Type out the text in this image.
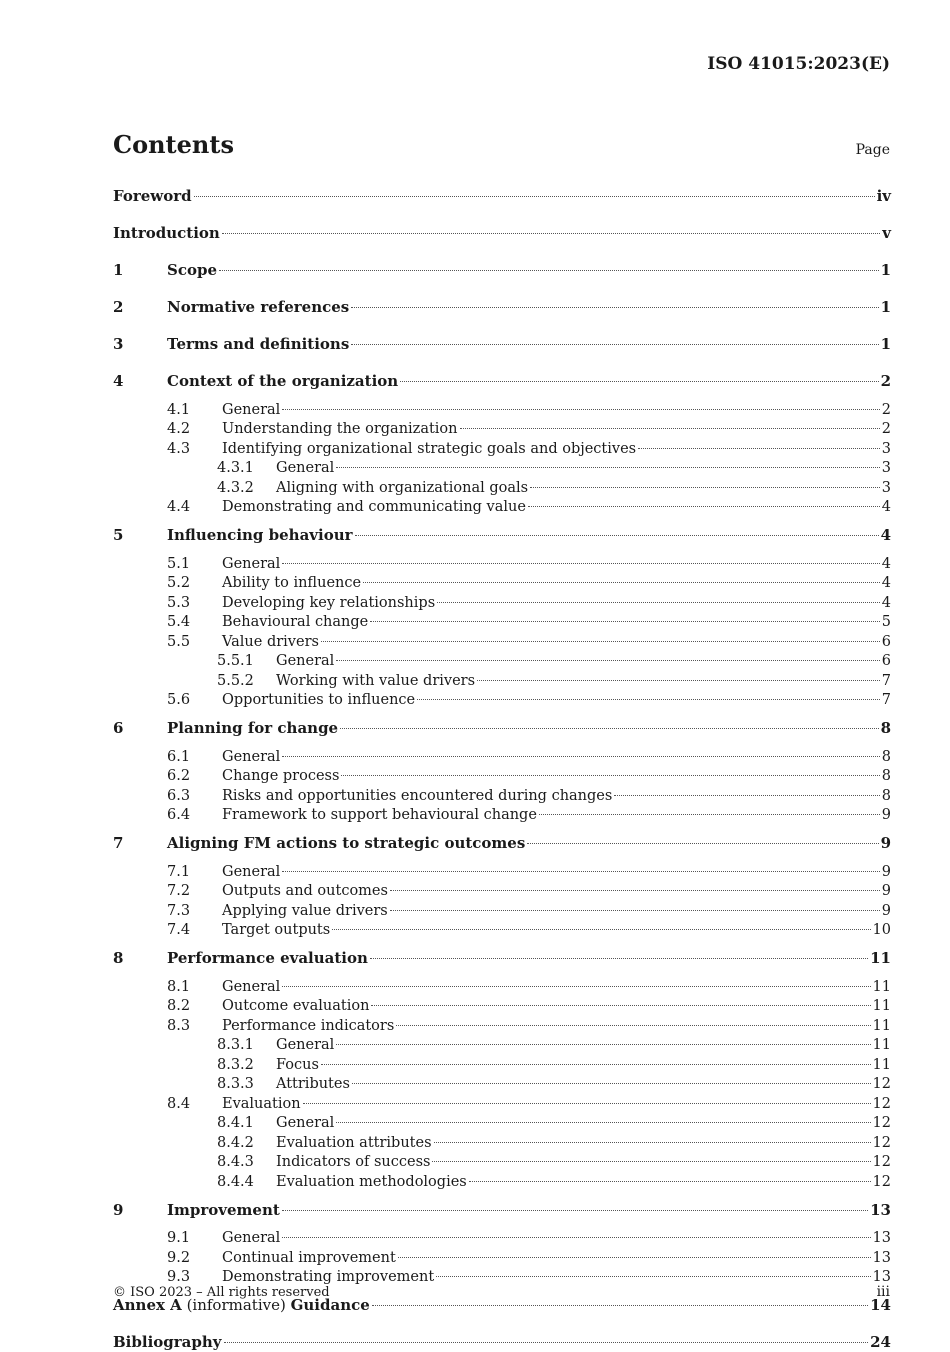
ISO 41015:2023(E)
Contents	Page
Foreword	iv
Introduction	v
1	Scope	1
2	Normative references	1
3	Terms and definitions	1
4	Context of the organization	2
4.1	General	2
4.2	Understanding the organization	2
4.3	Identifying organizational strategic goals and objectives	3
4.3.1	General	3
4.3.2	Aligning with organizational goals	3
4.4	Demonstrating and communicating value	4
5	Influencing behaviour	4
5.1	General	4
5.2	Ability to influence	4
5.3	Developing key relationships	4
5.4	Behavioural change	5
5.5	Value drivers	6
5.5.1	General	6
5.5.2	Working with value drivers	7
5.6	Opportunities to influence	7
6	Planning for change	8
6.1	General	8
6.2	Change process	8
6.3	Risks and opportunities encountered during changes	8
6.4	Framework to support behavioural change	9
7	Aligning FM actions to strategic outcomes	9
7.1	General	9
7.2	Outputs and outcomes	9
7.3	Applying value drivers	9
7.4	Target outputs	10
8	Performance evaluation	11
8.1	General	11
8.2	Outcome evaluation	11
8.3	Performance indicators	11
8.3.1	General	11
8.3.2	Focus	11
8.3.3	Attributes	12
8.4	Evaluation	12
8.4.1	General	12
8.4.2	Evaluation attributes	12
8.4.3	Indicators of success	12
8.4.4	Evaluation methodologies	12
9	Improvement	13
9.1	General	13
9.2	Continual improvement	13
9.3	Demonstrating improvement	13
Annex A (informative) Guidance	14
Bibliography	24
© ISO 2023 – All rights reserved	iii
